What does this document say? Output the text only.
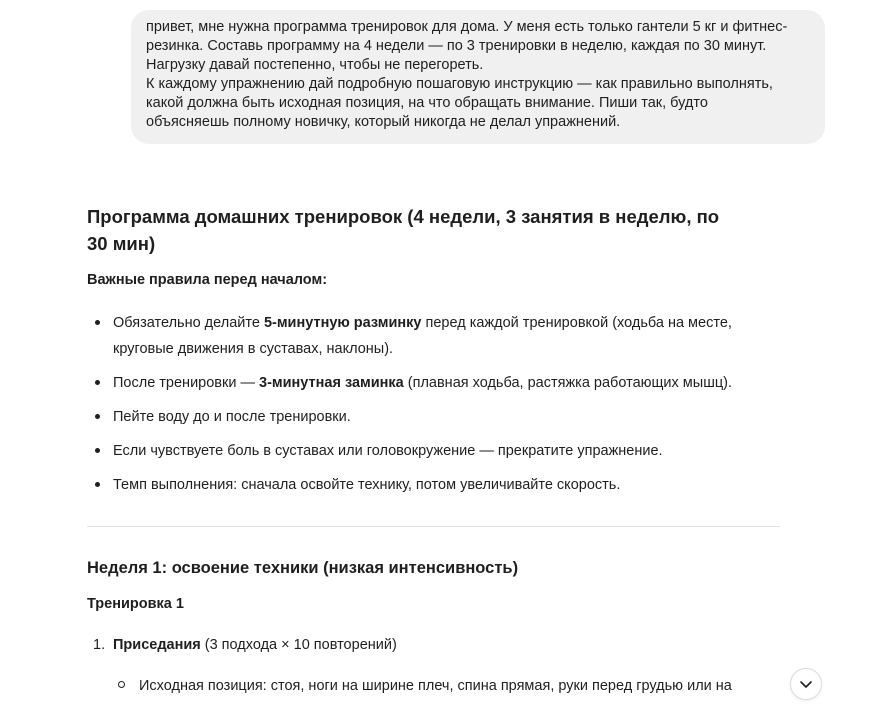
привет, мне нужна программа тренировок для дома. У меня есть только гантели 5 кг и фитнес-

резинка. Составь программу на 4 недели — по 3 тренировки в неделю, каждая по 30 минут.

Нагрузку давай постепенно, чтобы не перегореть.

К каждому упражнению дай подробную пошаговую инструкцию — как правильно выполнять,

какой должна быть исходная позиция, на что обращать внимание. Пиши так, будто

объясняешь полному новичку, который никогда не делал упражнений.

Программа домашних тренировок (4 недели, 3 занятия в неделю, по
30 мин)

Важные правила перед началом:

Обязательно делайте 5-минутную разминку перед каждой тренировкой (ходьба на месте,
круговые движения в суставах, наклоны).
После тренировки — 3-минутная заминка (плавная ходьба, растяжка работающих мышц).
Пейте воду до и после тренировки.
Если чувствуете боль в суставах или головокружение — прекратите упражнение.
Темп выполнения: сначала освойте технику, потом увеличивайте скорость.
Неделя 1: освоение техники (низкая интенсивность)

Тренировка 1

1. Приседания (3 подхода × 10 повторений)
Исходная позиция: стоя, ноги на ширине плеч, спина прямая, руки перед грудью или на
